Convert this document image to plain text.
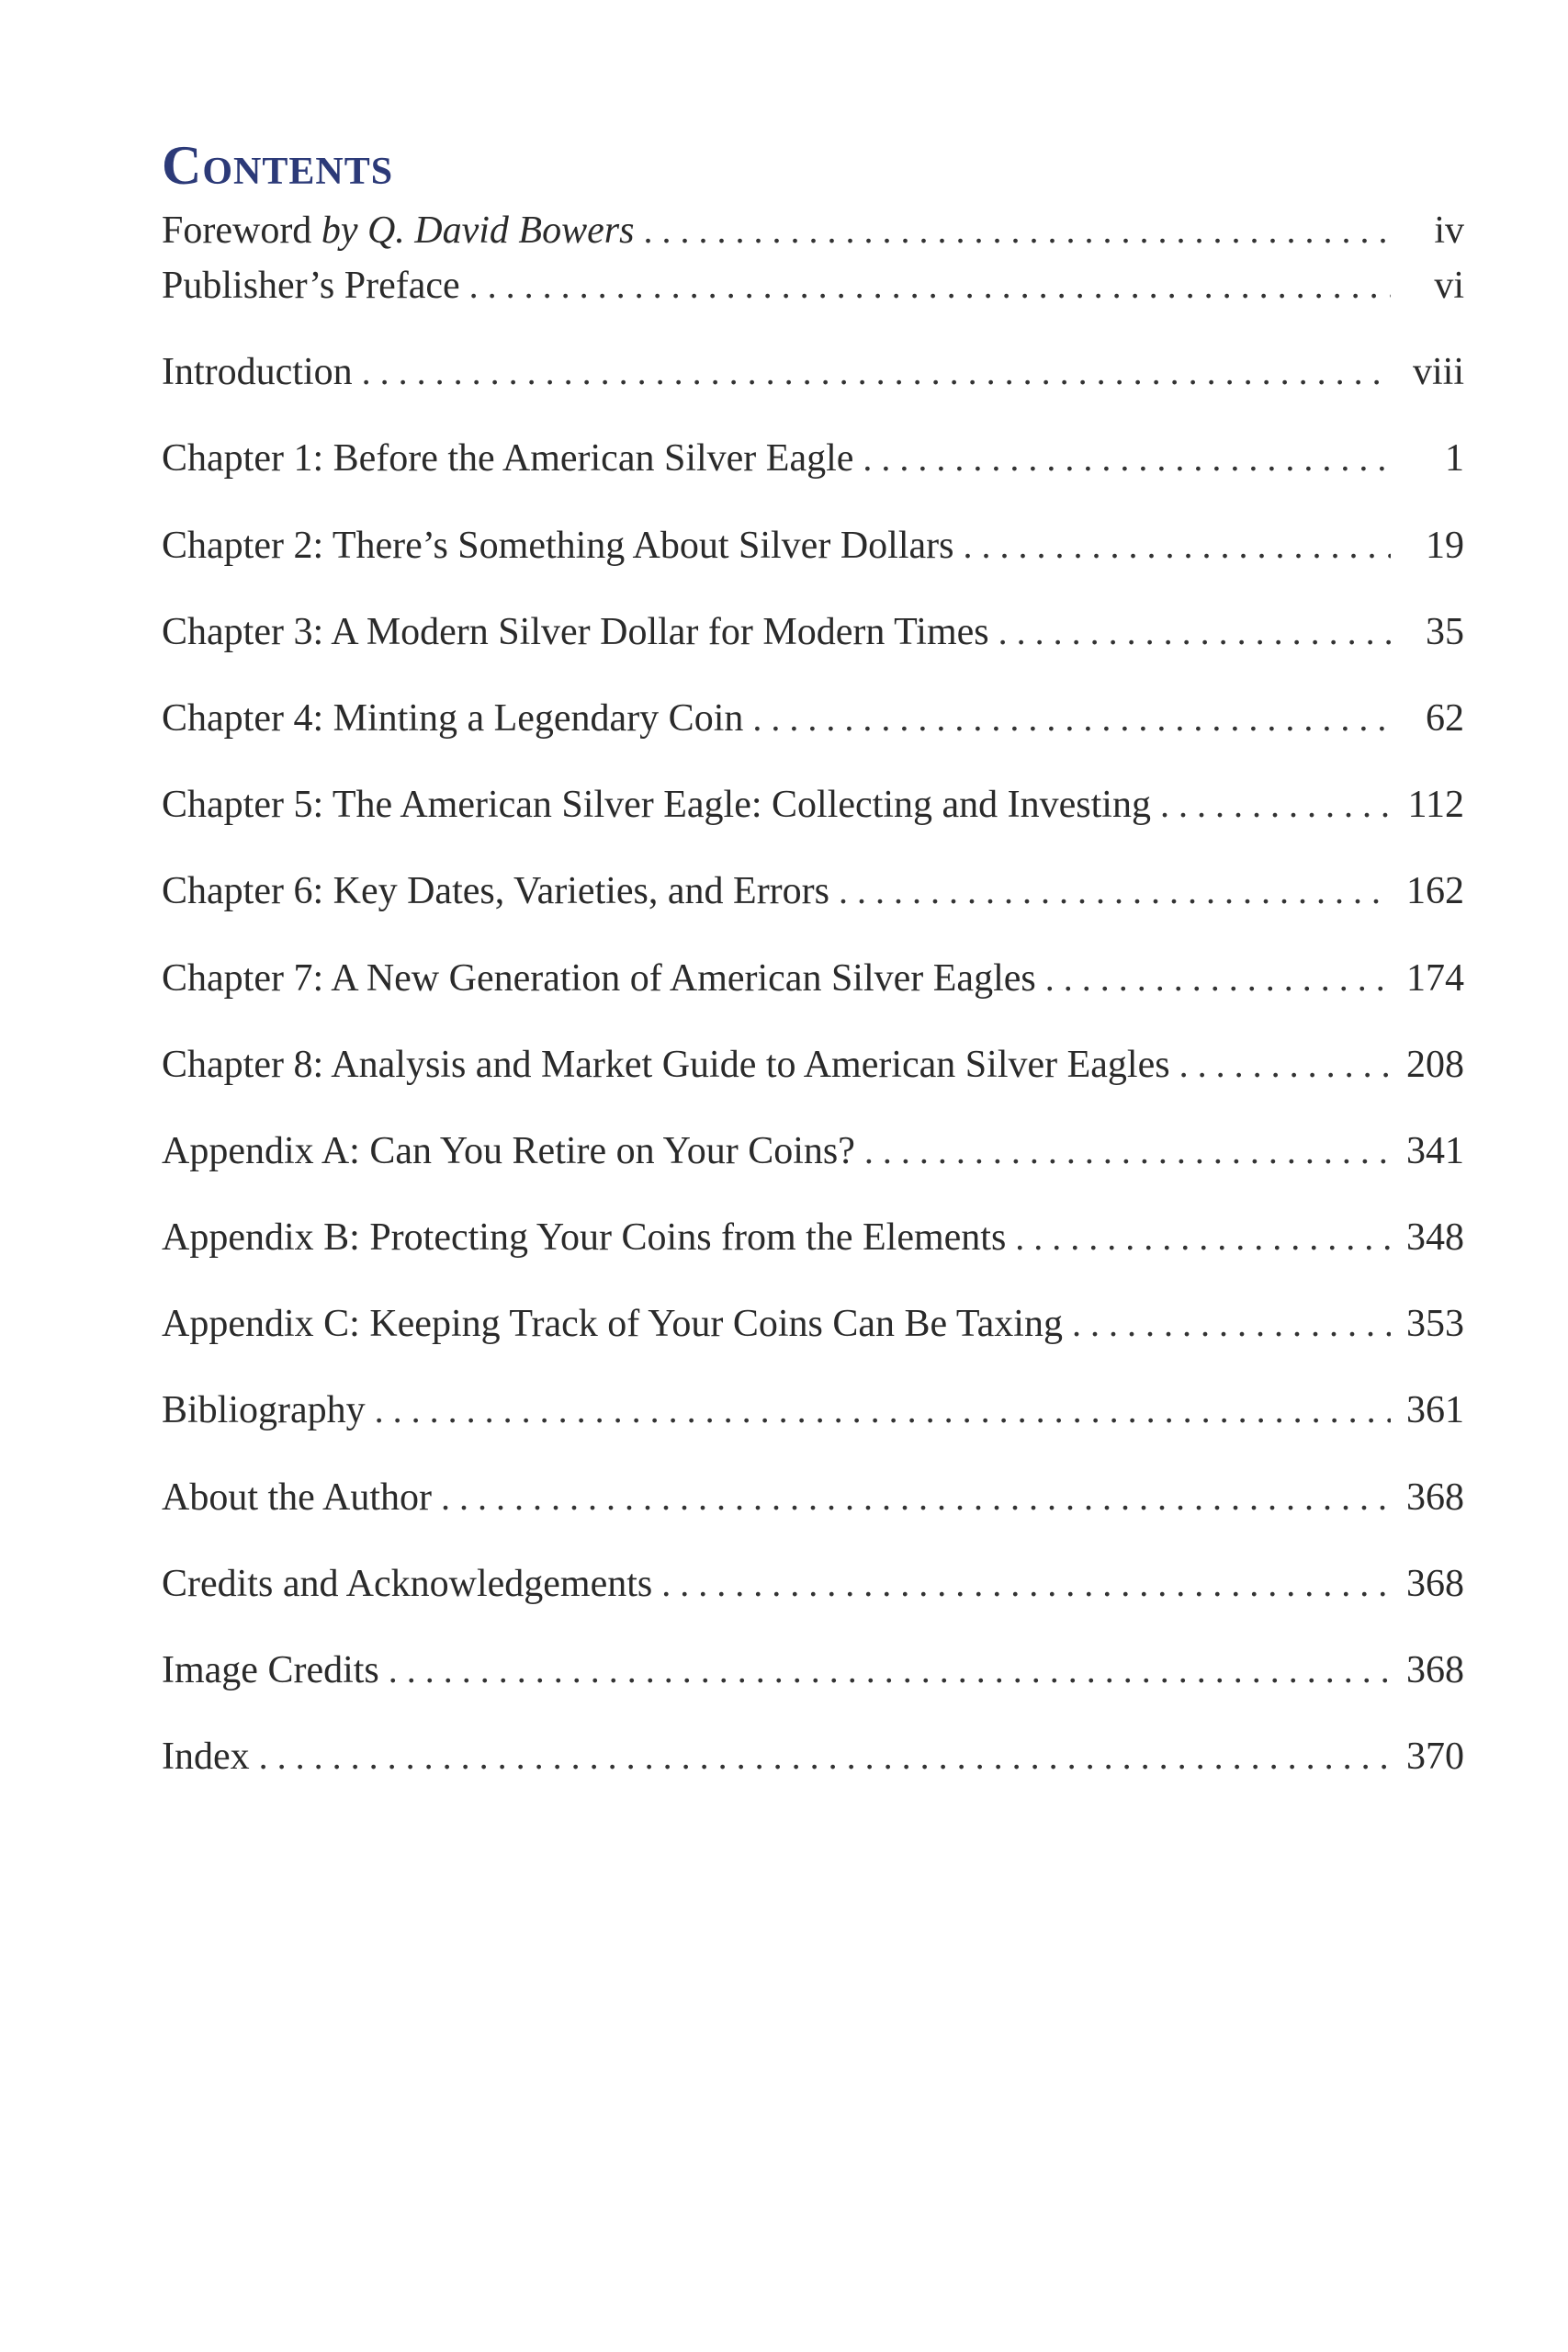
Contents
Foreword by Q. David Bowers .....	iv
Publisher’s Preface .....	vi
Introduction .....	viii
Chapter 1: Before the American Silver Eagle .....	1
Chapter 2: There’s Something About Silver Dollars .....	19
Chapter 3: A Modern Silver Dollar for Modern Times .....	35
Chapter 4: Minting a Legendary Coin .....	62
Chapter 5: The American Silver Eagle: Collecting and Investing .....	112
Chapter 6: Key Dates, Varieties, and Errors .....	162
Chapter 7: A New Generation of American Silver Eagles .....	174
Chapter 8: Analysis and Market Guide to American Silver Eagles .....	208
Appendix A: Can You Retire on Your Coins? .....	341
Appendix B: Protecting Your Coins from the Elements .....	348
Appendix C: Keeping Track of Your Coins Can Be Taxing .....	353
Bibliography .....	361
About the Author .....	368
Credits and Acknowledgements .....	368
Image Credits .....	368
Index .....	370
